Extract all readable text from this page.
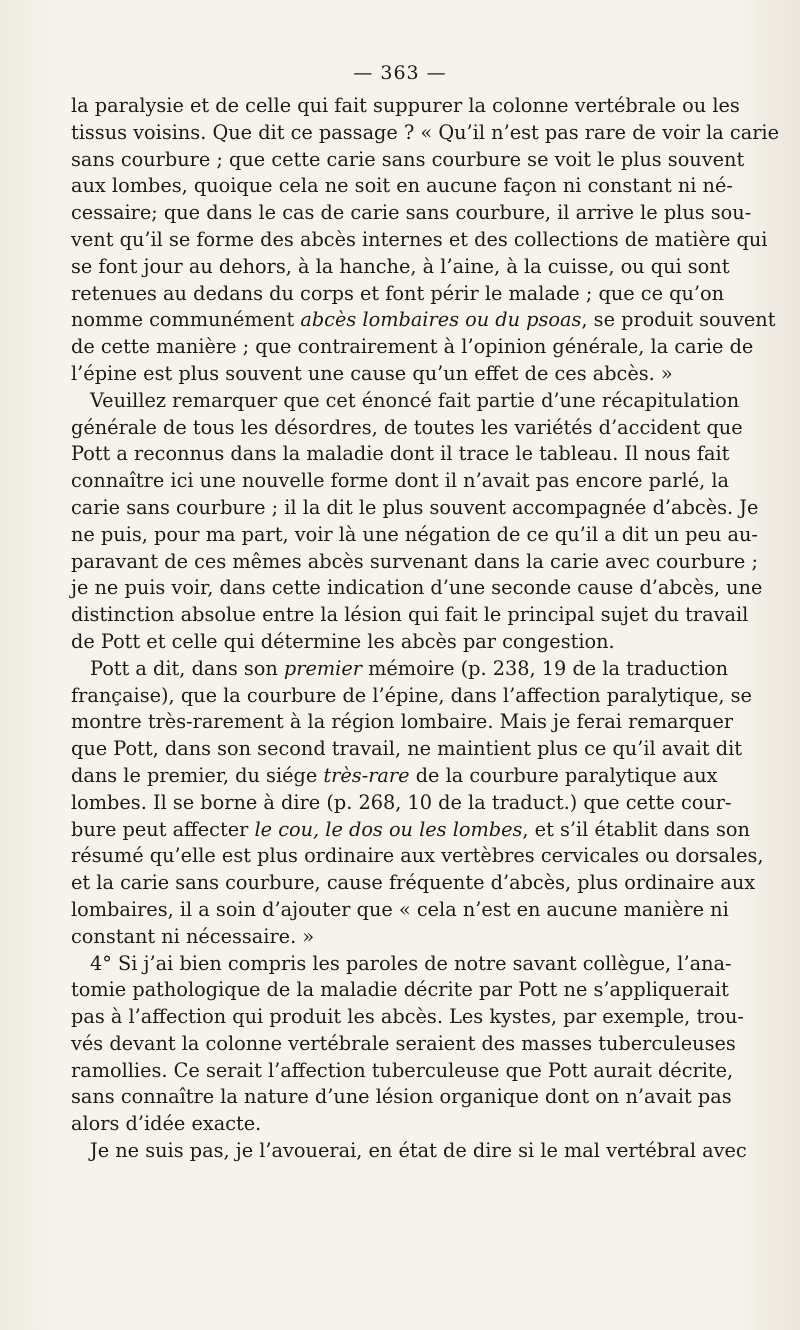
— 363 —
la paralysie et de celle qui fait suppurer la colonne vertébrale ou les
tissus voisins. Que dit ce passage ? « Qu’il n’est pas rare de voir la carie
sans courbure ; que cette carie sans courbure se voit le plus souvent
aux lombes, quoique cela ne soit en aucune façon ni constant ni né-
cessaire; que dans le cas de carie sans courbure, il arrive le plus sou-
vent qu’il se forme des abcès internes et des collections de matière qui
se font jour au dehors, à la hanche, à l’aine, à la cuisse, ou qui sont
retenues au dedans du corps et font périr le malade ; que ce qu’on
nomme communément abcès lombaires ou du psoas, se produit souvent
de cette manière ; que contrairement à l’opinion générale, la carie de
l’épine est plus souvent une cause qu’un effet de ces abcès. »
Veuillez remarquer que cet énoncé fait partie d’une récapitulation
générale de tous les désordres, de toutes les variétés d’accident que
Pott a reconnus dans la maladie dont il trace le tableau. Il nous fait
connaître ici une nouvelle forme dont il n’avait pas encore parlé, la
carie sans courbure ; il la dit le plus souvent accompagnée d’abcès. Je
ne puis, pour ma part, voir là une négation de ce qu’il a dit un peu au-
paravant de ces mêmes abcès survenant dans la carie avec courbure ;
je ne puis voir, dans cette indication d’une seconde cause d’abcès, une
distinction absolue entre la lésion qui fait le principal sujet du travail
de Pott et celle qui détermine les abcès par congestion.
Pott a dit, dans son premier mémoire (p. 238, 19 de la traduction
française), que la courbure de l’épine, dans l’affection paralytique, se
montre très-rarement à la région lombaire. Mais je ferai remarquer
que Pott, dans son second travail, ne maintient plus ce qu’il avait dit
dans le premier, du siége très-rare de la courbure paralytique aux
lombes. Il se borne à dire (p. 268, 10 de la traduct.) que cette cour-
bure peut affecter le cou, le dos ou les lombes, et s’il établit dans son
résumé qu’elle est plus ordinaire aux vertèbres cervicales ou dorsales,
et la carie sans courbure, cause fréquente d’abcès, plus ordinaire aux
lombaires, il a soin d’ajouter que « cela n’est en aucune manière ni
constant ni nécessaire. »
4° Si j’ai bien compris les paroles de notre savant collègue, l’ana-
tomie pathologique de la maladie décrite par Pott ne s’appliquerait
pas à l’affection qui produit les abcès. Les kystes, par exemple, trou-
vés devant la colonne vertébrale seraient des masses tuberculeuses
ramollies. Ce serait l’affection tuberculeuse que Pott aurait décrite,
sans connaître la nature d’une lésion organique dont on n’avait pas
alors d’idée exacte.
Je ne suis pas, je l’avouerai, en état de dire si le mal vertébral avec
